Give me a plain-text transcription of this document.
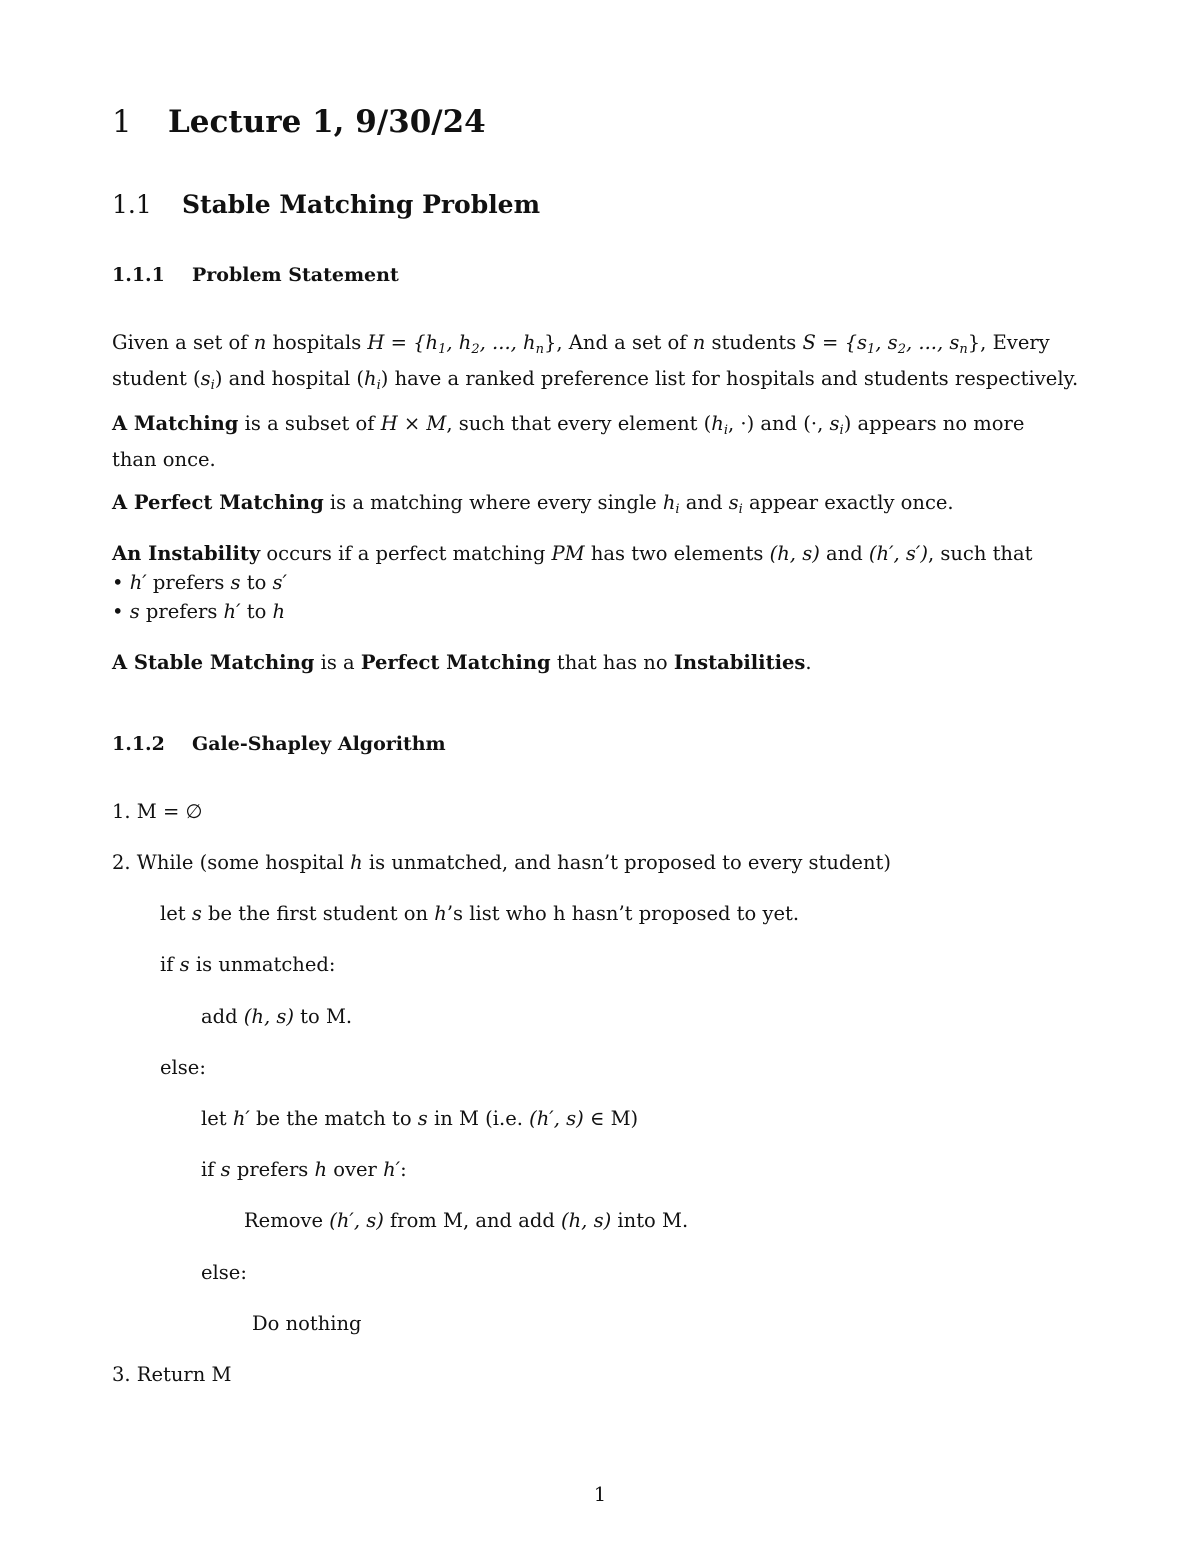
1 Lecture 1, 9/30/24
1.1 Stable Matching Problem
1.1.1 Problem Statement
Given a set of n hospitals $H = \{h_1$, $h_2$, ..., $h_n$}, And a set of n students $S = \{s_1$, $s_2$, ..., $s_n$}, Every
student $(s_i)$ and hospital $(h_i)$ have a ranked preference list for hospitals and students respectively.
A Matching is a subset of H × M, such that every element ($h_i$, ·) and (·, $s_i$) appears no more
than once.
A Perfect Matching is a matching where every single $h_i$ and $s_i$ appear exactly once.
An Instability occurs if a perfect matching PM has two elements (h, s) and (h′, s′), such that
• h′ prefers s to s′
• s prefers h′ to h
A Stable Matching is a Perfect Matching that has no Instabilities.
1.1.2 Gale-Shapley Algorithm
1. M = ∅
2. While (some hospital h is unmatched, and hasn’t proposed to every student)
let s be the first student on h’s list who h hasn’t proposed to yet.
if s is unmatched:
add (h, s) to M.
else:
let h′ be the match to s in M (i.e. (h′, s) ∈ M)
if s prefers h over h′:
Remove (h′, s) from M, and add (h, s) into M.
else:
Do nothing
3. Return M
1
